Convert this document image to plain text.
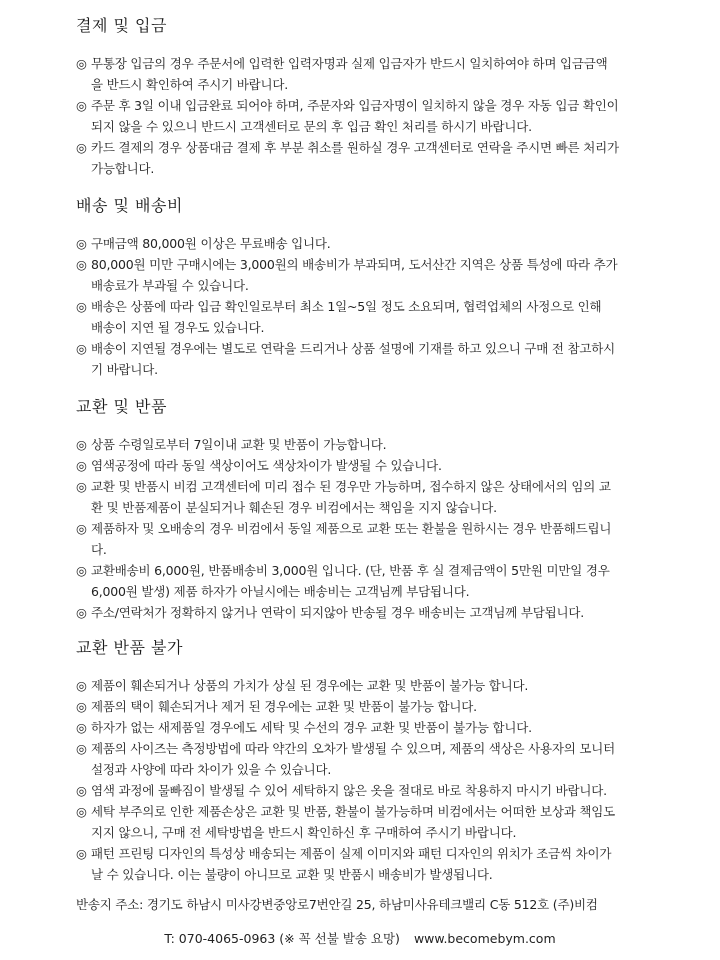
결제 및 입금
◎ 무통장 입금의 경우 주문서에 입력한 입력자명과 실제 입금자가 반드시 일치하여야 하며 입금금액
을 반드시 확인하여 주시기 바랍니다.
◎ 주문 후 3일 이내 입금완료 되어야 하며, 주문자와 입금자명이 일치하지 않을 경우 자동 입금 확인이
되지 않을 수 있으니 반드시 고객센터로 문의 후 입금 확인 처리를 하시기 바랍니다.
◎ 카드 결제의 경우 상품대금 결제 후 부분 취소를 원하실 경우 고객센터로 연락을 주시면 빠른 처리가
가능합니다.
배송 및 배송비
◎ 구매금액 80,000원 이상은 무료배송 입니다.
◎ 80,000원 미만 구매시에는 3,000원의 배송비가 부과되며, 도서산간 지역은 상품 특성에 따라 추가
배송료가 부과될 수 있습니다.
◎ 배송은 상품에 따라 입금 확인일로부터 최소 1일~5일 정도 소요되며, 협력업체의 사정으로 인해
배송이 지연 될 경우도 있습니다.
◎ 배송이 지연될 경우에는 별도로 연락을 드리거나 상품 설명에 기재를 하고 있으니 구매 전 참고하시
기 바랍니다.
교환 및 반품
◎ 상품 수령일로부터 7일이내 교환 및 반품이 가능합니다.
◎ 염색공정에 따라 동일 색상이어도 색상차이가 발생될 수 있습니다.
◎ 교환 및 반품시 비컴 고객센터에 미리 접수 된 경우만 가능하며, 접수하지 않은 상태에서의 임의 교
환 및 반품제품이 분실되거나 훼손된 경우 비컴에서는 책임을 지지 않습니다.
◎ 제품하자 및 오배송의 경우 비컴에서 동일 제품으로 교환 또는 환불을 원하시는 경우 반품해드립니
다.
◎ 교환배송비 6,000원, 반품배송비 3,000원 입니다. (단, 반품 후 실 결제금액이 5만원 미만일 경우
6,000원 발생) 제품 하자가 아닐시에는 배송비는 고객님께 부담됩니다.
◎ 주소/연락처가 정확하지 않거나 연락이 되지않아 반송될 경우 배송비는 고객님께 부담됩니다.
교환 반품 불가
◎ 제품이 훼손되거나 상품의 가치가 상실 된 경우에는 교환 및 반품이 불가능 합니다.
◎ 제품의 택이 훼손되거나 제거 된 경우에는 교환 및 반품이 불가능 합니다.
◎ 하자가 없는 새제품일 경우에도 세탁 및 수선의 경우 교환 및 반품이 불가능 합니다.
◎ 제품의 사이즈는 측정방법에 따라 약간의 오차가 발생될 수 있으며, 제품의 색상은 사용자의 모니터
설정과 사양에 따라 차이가 있을 수 있습니다.
◎ 염색 과정에 물빠짐이 발생될 수 있어 세탁하지 않은 옷을 절대로 바로 착용하지 마시기 바랍니다.
◎ 세탁 부주의로 인한 제품손상은 교환 및 반품, 환불이 불가능하며 비컴에서는 어떠한 보상과 책임도
지지 않으니, 구매 전 세탁방법을 반드시 확인하신 후 구매하여 주시기 바랍니다.
◎ 패턴 프린팅 디자인의 특성상 배송되는 제품이 실제 이미지와 패턴 디자인의 위치가 조금씩 차이가
날 수 있습니다. 이는 불량이 아니므로 교환 및 반품시 배송비가 발생됩니다.
반송지 주소: 경기도 하남시 미사강변중앙로7번안길 25, 하남미사유테크밸리 C동 512호 (주)비컴
T: 070-4065-0963 (※ 꼭 선불 발송 요망) www.becomebym.com
